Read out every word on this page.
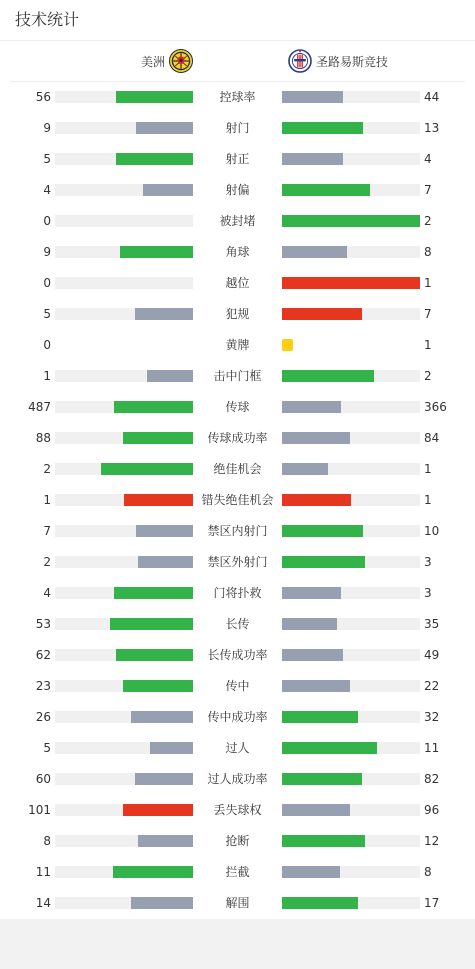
技术统计
美洲	圣路易斯竞技
56	控球率	44
9	射门	13
5	射正	4
4	射偏	7
0	被封堵	2
9	角球	8
0	越位	1
5	犯规	7
0	黄牌	1
1	击中门框	2
487	传球	366
88	传球成功率	84
2	绝佳机会	1
1	错失绝佳机会	1
7	禁区内射门	10
2	禁区外射门	3
4	门将扑救	3
53	长传	35
62	长传成功率	49
23	传中	22
26	传中成功率	32
5	过人	11
60	过人成功率	82
101	丢失球权	96
8	抢断	12
11	拦截	8
14	解围	17
